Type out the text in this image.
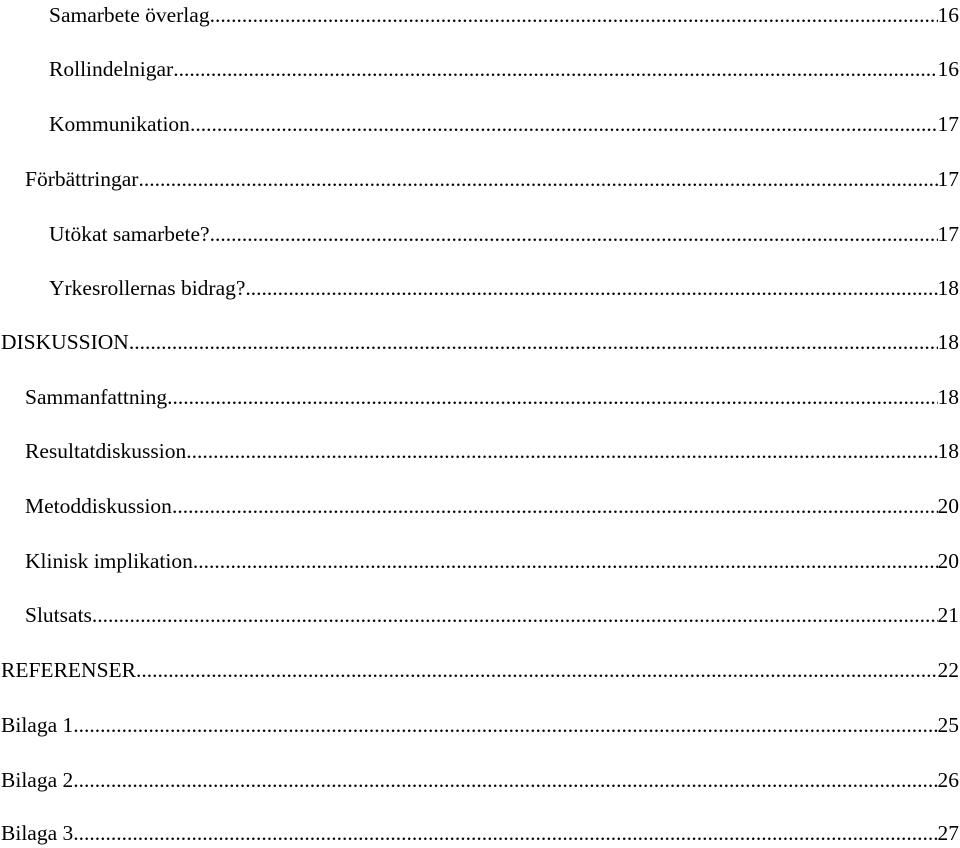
Samarbete överlag .....	16
Rollindelnigar .....	16
Kommunikation .....	17
Förbättringar .....	17
Utökat samarbete? .....	17
Yrkesrollernas bidrag? .....	18
DISKUSSION .....	18
Sammanfattning .....	18
Resultatdiskussion .....	18
Metoddiskussion .....	20
Klinisk implikation .....	20
Slutsats .....	21
REFERENSER .....	22
Bilaga 1 .....	25
Bilaga 2 .....	26
Bilaga 3 .....	27
